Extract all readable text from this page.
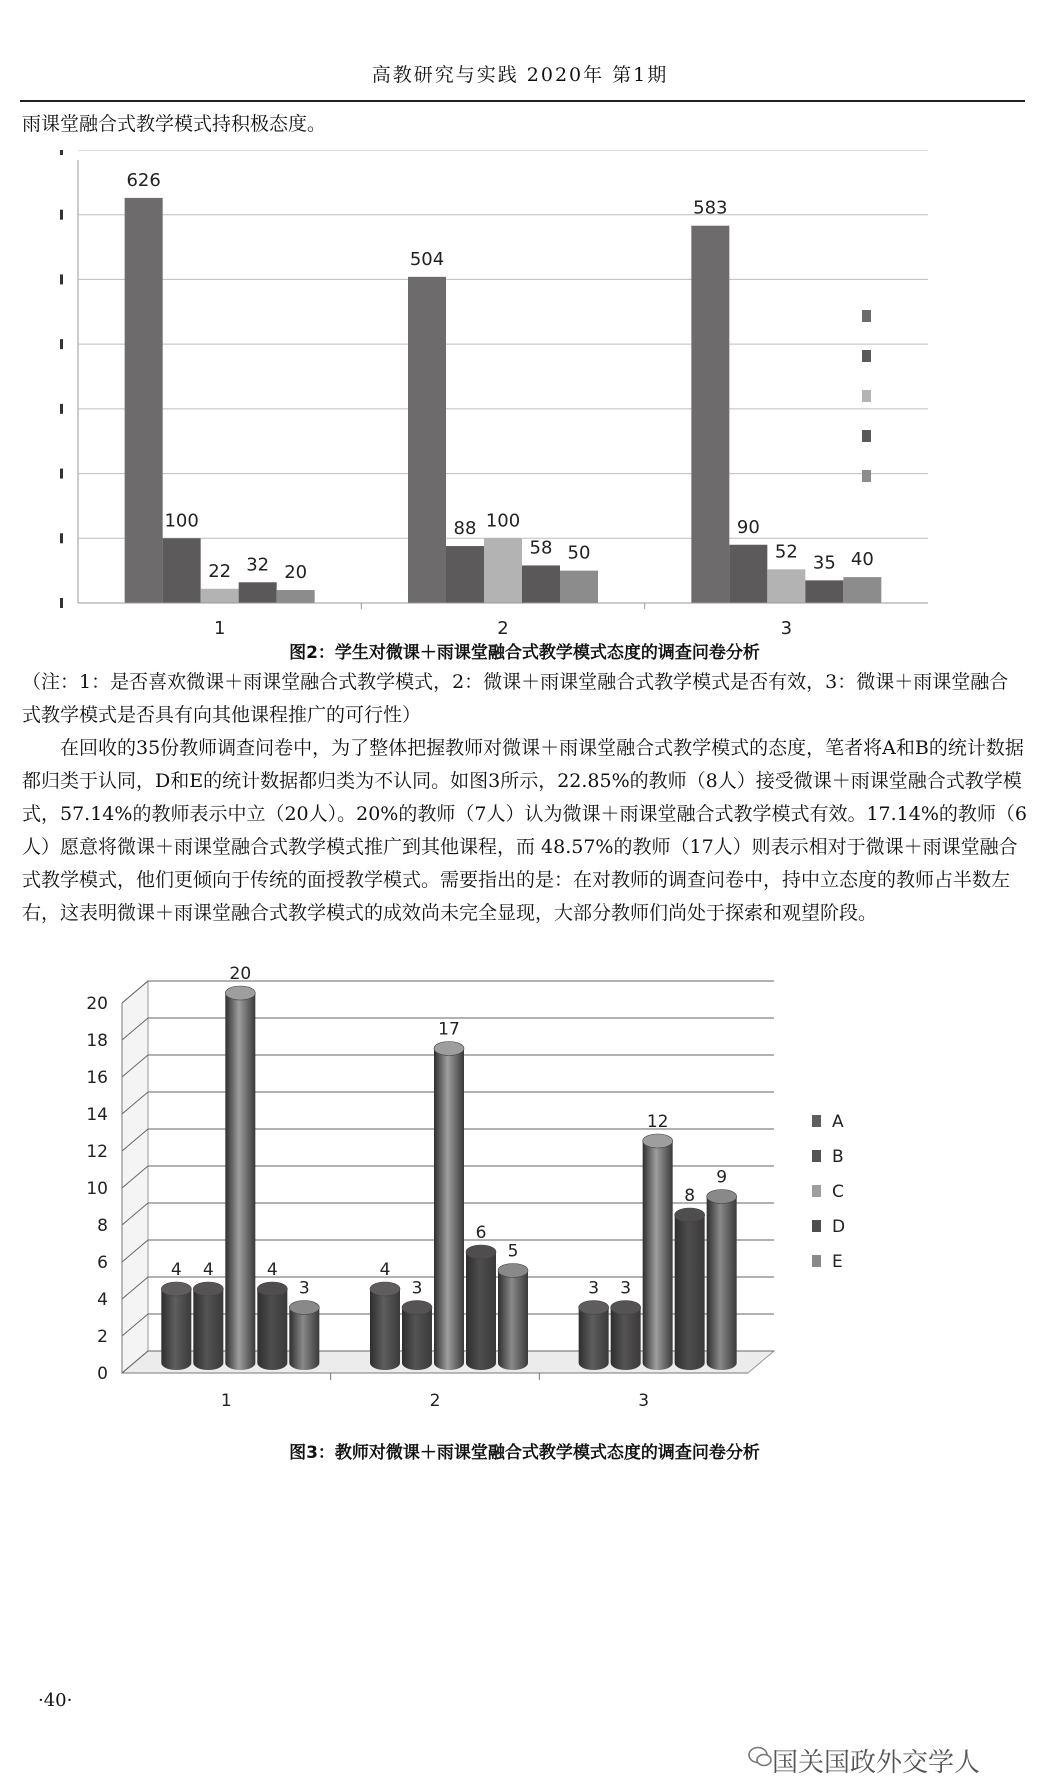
高教研究与实践 2020年 第1期

雨课堂融合式教学模式持积极态度。

626
100
22 32 20
1
504
88 100
58 50
2
583
90
52
35 40
3
图2：学生对微课＋雨课堂融合式教学模式态度的调查问卷分析

（注：1：是否喜欢微课＋雨课堂融合式教学模式，2：微课＋雨课堂融合式教学模式是否有效，3：微课＋雨课堂融合式教学模式是否具有向其他课程推广的可行性）

在回收的35份教师调查问卷中，为了整体把握教师对微课＋雨课堂融合式教学模式的态度，笔者将A和B的统计数据都归类于认同，D和E的统计数据都归类为不认同。如图3所示，22.85%的教师（8人）接受微课＋雨课堂融合式教学模式，57.14%的教师表示中立（20人）。20%的教师（7人）认为微课＋雨课堂融合式教学模式有效。17.14%的教师（6人）愿意将微课＋雨课堂融合式教学模式推广到其他课程，而 48.57%的教师（17人）则表示相对于微课＋雨课堂融合式教学模式，他们更倾向于传统的面授教学模式。需要指出的是：在对教师的调查问卷中，持中立态度的教师占半数左右，这表明微课＋雨课堂融合式教学模式的成效尚未完全显现，大部分教师们尚处于探索和观望阶段。

0
2
4
6
8
10
12
14
16
18
20
4 4
20
4
3
1
4
3
17
6
5
2
3 3
12
8
9
3
A
B
C
D
E
图3：教师对微课＋雨课堂融合式教学模式态度的调查问卷分析
·40·
国关国政外交学人
